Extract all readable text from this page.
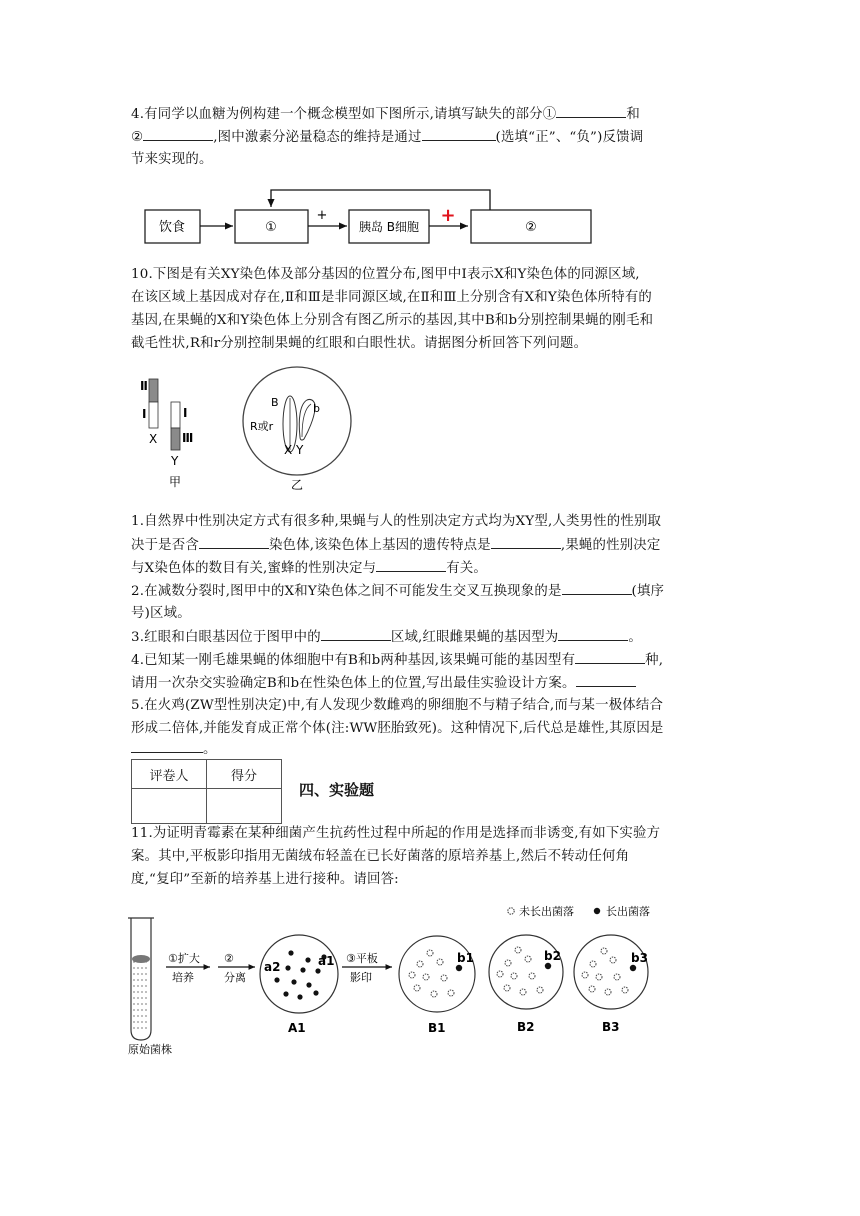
4.有同学以血糖为例构建一个概念模型如下图所示,请填写缺失的部分①	和

②	,图中激素分泌量稳态的维持是通过	(选填“正”、“负”)反馈调

节来实现的。

饮食	①
+
胰岛 B细胞
+
②

10.下图是有关XY染色体及部分基因的位置分布,图甲中Ⅰ表示X和Y染色体的同源区域,

在该区域上基因成对存在,Ⅱ和Ⅲ是非同源区域,在Ⅱ和Ⅲ上分别含有X和Y染色体所特有的

基因,在果蝇的X和Y染色体上分别含有图乙所示的基因,其中B和b分别控制果蝇的刚毛和

截毛性状,R和r分别控制果蝇的红眼和白眼性状。请据图分析回答下列问题。

Ⅱ
Ⅰ
X
Ⅰ
Ⅲ
Y
甲
B	b
R或r
X Y
乙

1.自然界中性别决定方式有很多种,果蝇与人的性别决定方式均为XY型,人类男性的性别取

决于是否含	染色体,该染色体上基因的遗传特点是	,果蝇的性别决定

与X染色体的数目有关,蜜蜂的性别决定与	有关。

2.在减数分裂时,图甲中的X和Y染色体之间不可能发生交叉互换现象的是	(填序

号)区域。

3.红眼和白眼基因位于图甲中的	区域,红眼雌果蝇的基因型为	。

4.已知某一刚毛雄果蝇的体细胞中有B和b两种基因,该果蝇可能的基因型有	种,

请用一次杂交实验确定B和b在性染色体上的位置,写出最佳实验设计方案。

5.在火鸡(ZW型性别决定)中,有人发现少数雌鸡的卵细胞不与精子结合,而与某一极体结合

形成二倍体,并能发育成正常个体(注:WW胚胎致死)。这种情况下,后代总是雄性,其原因是

。

评卷人	得分

四、实验题

11.为证明青霉素在某种细菌产生抗药性过程中所起的作用是选择而非诱变,有如下实验方

案。其中,平板影印指用无菌绒布轻盖在已长好菌落的原培养基上,然后不转动任何角

度,“复印”至新的培养基上进行接种。请回答:

未长出菌落	长出菌落
原始菌株
①扩大
培养
②
分离
a2	a1
A1
③平板
影印
b1
B1
b2
B2
b3
B3
